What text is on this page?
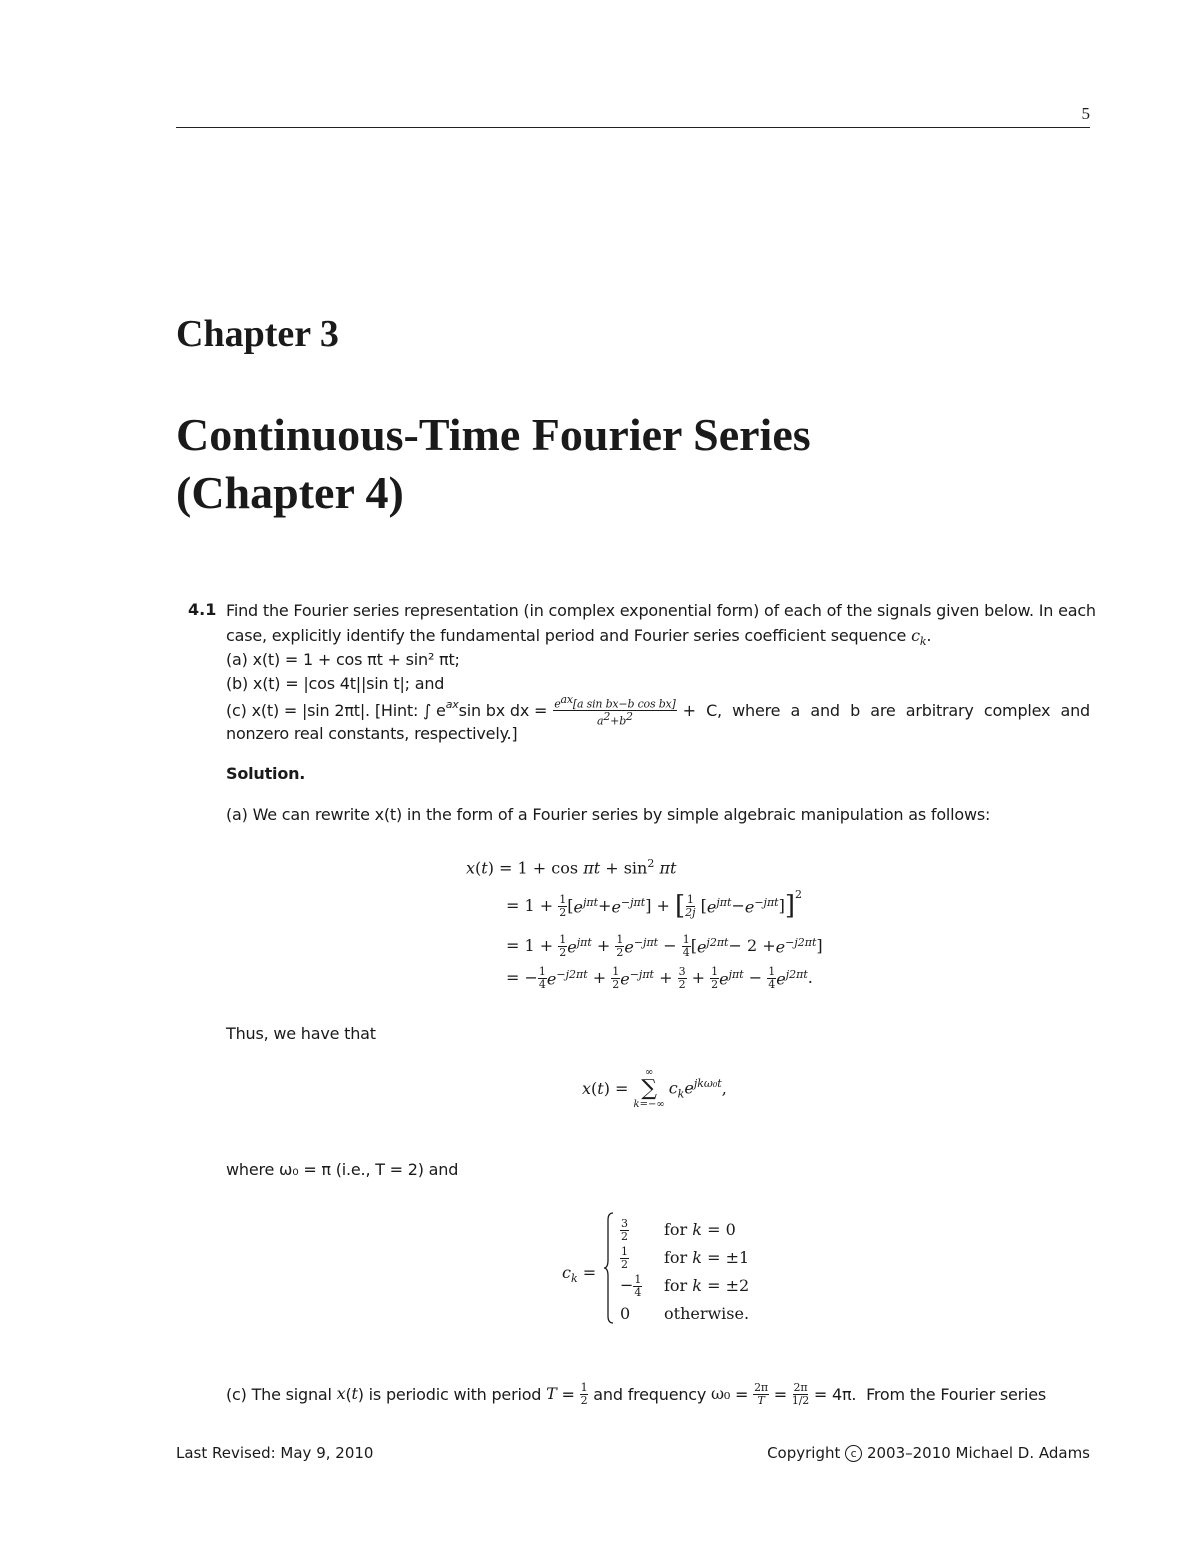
5
Chapter 3
Continuous-Time Fourier Series
(Chapter 4)
4.1 Find the Fourier series representation (in complex exponential form) of each of the signals given below. In each
case, explicitly identify the fundamental period and Fourier series coefficient sequence $c_k$.
(a) x(t) = 1 + cos πt + sin² πt;
(b) x(t) = |cos 4t||sin t|; and
(c) x(t) = |sin 2πt|. [Hint: ∫ $e^{ax}$ sin bx dx = $\frac{e^{ax}[a \sin bx-b \cos bx]}{a^2+b^2} + C$, where a and b are arbitrary complex and
nonzero real constants, respectively.]
Solution.
(a) We can rewrite x(t) in the form of a Fourier series by simple algebraic manipulation as follows:
$x(t) = 1 + \cos \pi t + \sin^2 \pi t$
= $1 + \frac{1}{2}$ [ $e^{j\pi t} + e^{-j\pi t}$ ] + [ $\frac{1}{2j}$ [ $e^{j\pi t} - e^{-j\pi t}$ ] ]$^2$
= $1 + \frac{1}{2} e^{j\pi t} + \frac{1}{2} e^{-j\pi t} - \frac{1}{4}$ [ $e^{j2\pi t} - 2 + e^{-j2\pi t}$ ]
= − $\frac{1}{4} e^{-j2\pi t} + \frac{1}{2} e^{-j\pi t} + \frac{3}{2} + \frac{1}{2} e^{j\pi t} - \frac{1}{4} e^{j2\pi t}$ .
Thus, we have that
x ( t ) =
∞
∑
k=−∞
$c_ke^{jk\omega_0t}$ ,
where ω₀ = π (i.e., T = 2) and
$c_k$ =
$\frac{3}{2}$ for k = 0
$\frac{1}{2}$ for k = ±1
− $\frac{1}{4}$ for k = ±2
0 otherwise.
(c) The signal x ( t ) is periodic with period $T = \frac{1}{2}$ and frequency $\omega_0 = \frac{2\pi}{T} = \frac{2\pi}{1/2} = 4\pi$.  From the Fourier series
Last Revised: May 9, 2010	Copyright c 2003–2010 Michael D. Adams
